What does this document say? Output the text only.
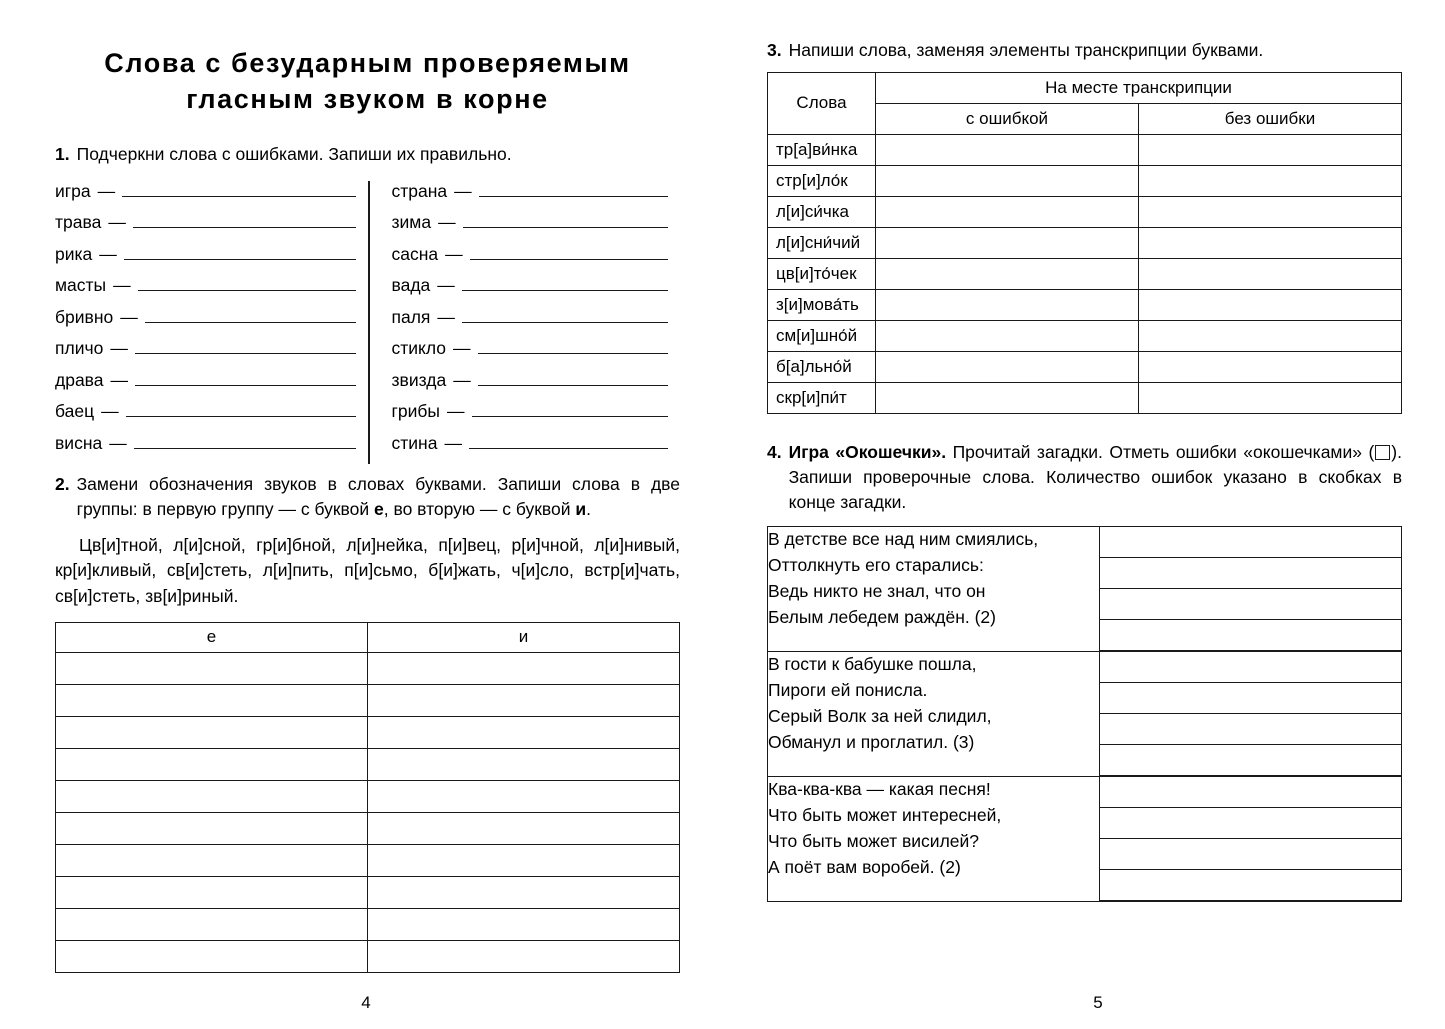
Слова с безударным проверяемым
гласным звуком в корне
1. Подчеркни слова с ошибками. Запиши их правильно.
игра —
трава —
рика —
масты —
бривно —
пличо —
драва —
баец —
висна —
страна —
зима —
сасна —
вада —
паля —
стикло —
звизда —
грибы —
стина —
2. Замени обозначения звуков в словах буквами. Запиши слова в две группы: в первую группу — с буквой е, во вторую — с буквой и.
Цв[и]тной, л[и]сной, гр[и]бной, л[и]нейка, п[и]вец, р[и]чной, л[и]нивый, кр[и]кливый, св[и]стеть, л[и]пить, п[и]сьмо, б[и]жать, ч[и]сло, встр[и]чать, св[и]стеть, зв[и]риный.
е	и

4
3. Напиши слова, заменяя элементы транскрипции буквами.
Слова	На месте транскрипции	
	с ошибкой	без ошибки
тр[а]ви́нка		
стр[и]ло́к		
л[и]си́чка		
л[и]сни́чий		
цв[и]то́чек		
з[и]мова́ть		
см[и]шно́й		
б[а]льно́й		
скр[и]пи́т		
4. Игра «Окошечки». Прочитай загадки. Отметь ошибки «окошечками» ( ). Запиши проверочные слова. Количество ошибок указано в скобках в конце загадки.
В детстве все над ним смиялись,
Оттолкнуть его старались:
Ведь никто не знал, что он
Белым лебедем раждён. (2)	

В гости к бабушке пошла,
Пироги ей понисла.
Серый Волк за ней слидил,
Обманул и проглатил. (3)	

Ква-ква-ква — какая песня!
Что быть может интересней,
Что быть может висилей?
А поёт вам воробей. (2)	

5
